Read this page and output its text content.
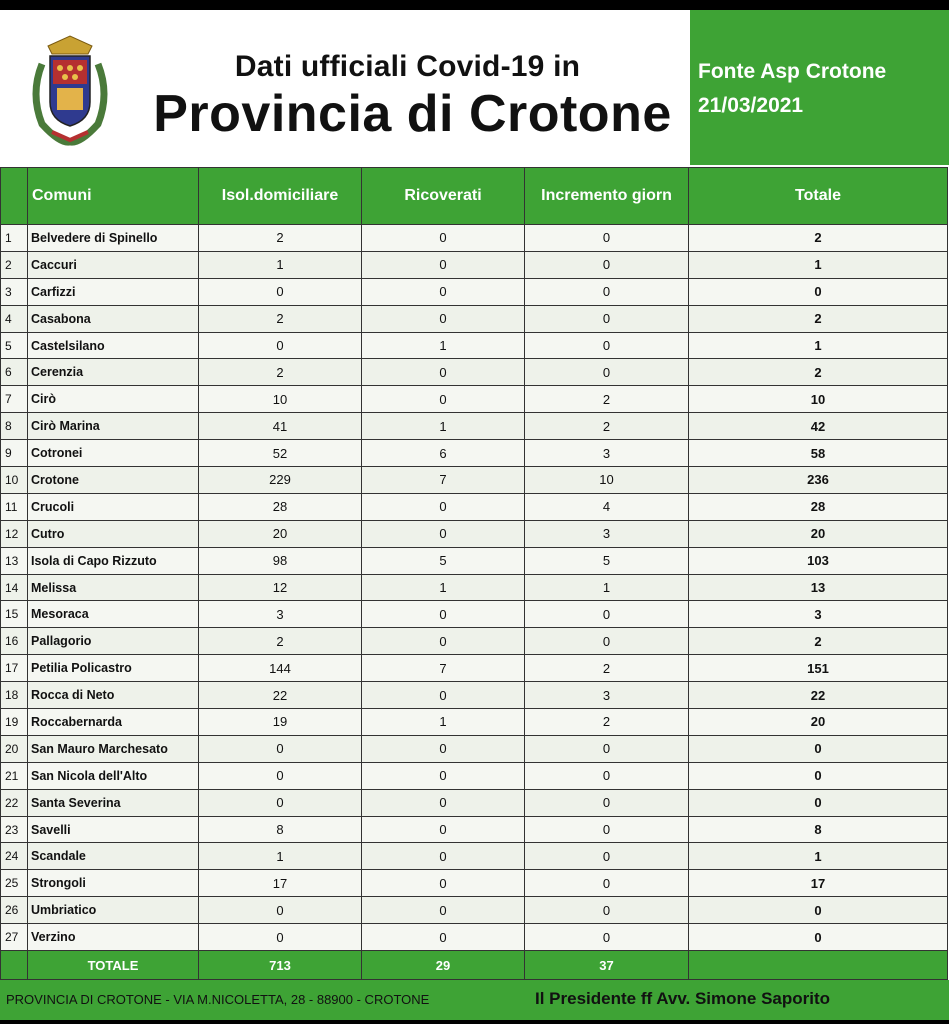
Dati ufficiali Covid-19 in
Provincia di Crotone
Fonte Asp Crotone
21/03/2021
	Comuni	Isol.domiciliare	Ricoverati	Incremento giorn	Totale
1	Belvedere di Spinello	2	0	0	2
2	Caccuri	1	0	0	1
3	Carfizzi	0	0	0	0
4	Casabona	2	0	0	2
5	Castelsilano	0	1	0	1
6	Cerenzia	2	0	0	2
7	Cirò	10	0	2	10
8	Cirò Marina	41	1	2	42
9	Cotronei	52	6	3	58
10	Crotone	229	7	10	236
11	Crucoli	28	0	4	28
12	Cutro	20	0	3	20
13	Isola di Capo Rizzuto	98	5	5	103
14	Melissa	12	1	1	13
15	Mesoraca	3	0	0	3
16	Pallagorio	2	0	0	2
17	Petilia Policastro	144	7	2	151
18	Rocca di Neto	22	0	3	22
19	Roccabernarda	19	1	2	20
20	San Mauro Marchesato	0	0	0	0
21	San Nicola dell'Alto	0	0	0	0
22	Santa Severina	0	0	0	0
23	Savelli	8	0	0	8
24	Scandale	1	0	0	1
25	Strongoli	17	0	0	17
26	Umbriatico	0	0	0	0
27	Verzino	0	0	0	0
	TOTALE	713	29	37	
PROVINCIA DI CROTONE - VIA M.NICOLETTA, 28 - 88900 - CROTONE	Il Presidente ff Avv. Simone Saporito
